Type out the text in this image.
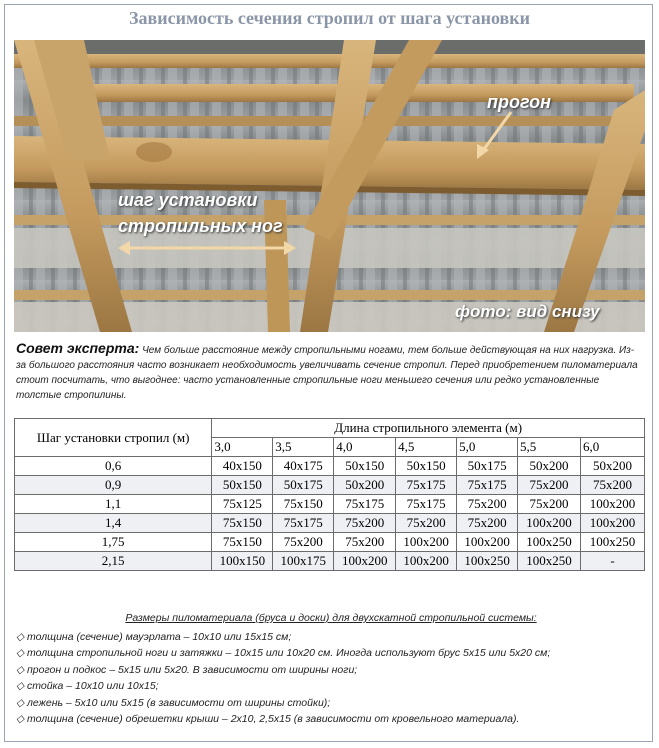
Зависимость сечения стропил от шага установки
прогон
шаг установки
стропильных ног
фото: вид снизу
Совет эксперта: Чем больше расстояние между стропильными ногами, тем больше действующая на них нагрузка. Из-за большого расстояния часто возникает необходимость увеличивать сечение стропил. Перед приобретением пиломатериала стоит посчитать, что выгоднее: часто установленные стропильные ноги меньшего сечения или редко установленные толстые стропилины.
Шаг установки стропил (м)	Длина стропильного элемента (м)						
	3,0	3,5	4,0	4,5	5,0	5,5	6,0
0,6	40x150	40x175	50x150	50x150	50x175	50x200	50x200
0,9	50x150	50x175	50x200	75x175	75x175	75x200	75x200
1,1	75x125	75x150	75x175	75x175	75x200	75x200	100x200
1,4	75x150	75x175	75x200	75x200	75x200	100x200	100x200
1,75	75x150	75x200	75x200	100x200	100x200	100x250	100x250
2,15	100x150	100x175	100x200	100x200	100x250	100x250	-
Размеры пиломатериала (бруса и доски) для двухскатной стропильной системы:
◇ толщина (сечение) мауэрлата – 10x10 или 15x15 см;
◇ толщина стропильной ноги и затяжки – 10x15 или 10x20 см. Иногда используют брус 5x15 или 5x20 см;
◇ прогон и подкос – 5x15 или 5x20. В зависимости от ширины ноги;
◇ стойка – 10x10 или 10x15;
◇ лежень – 5x10 или 5x15 (в зависимости от ширины стойки);
◇ толщина (сечение) обрешетки крыши – 2x10, 2,5x15 (в зависимости от кровельного материала).
